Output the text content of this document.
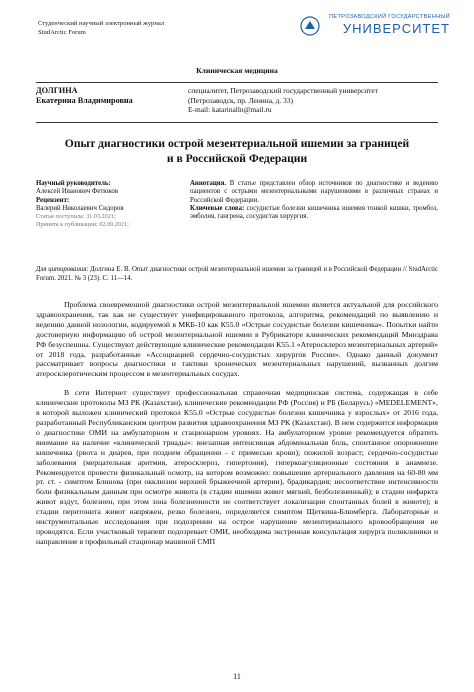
Студенческий научный электронный журнал
StudArctic Forum
ПЕТРОЗАВОДСКИЙ ГОСУДАРСТВЕННЫЙ
УНИВЕРСИТЕТ
Клиническая медицина
ДОЛГИНА
Екатерина Владимировна
специалитет, Петрозаводский государственный университет
(Петрозаводск, пр. Ленина, д. 33)
E-mail: katarinalln@mail.ru
Опыт диагностики острой мезентериальной ишемии за границей
и в Российской Федерации
Научный руководитель:
Алексей Иванович Фетюков
Рецензент:
Валерий Николаевич Сидоров
Статья поступила: 31.03.2021;
Принята к публикации: 02.09.2021;
Аннотация. В статье представлен обзор источников по диагностике и ведению пациентов с острыми мезентериальными нарушениями в различных странах и Российской Федерации.
Ключевые слова: сосудистые болезни кишечника ишемия тонкой кишки, тромбоз, эмболия, гангрена, сосудистая хирургия.
Для цитирования: Долгина Е. В. Опыт диагностики острой мезентериальной ишемии за границей и в Российской Федерации // StudArctic Forum. 2021. № 3 (23). С. 11—14.

Проблема своевременной диагностики острой мезентериальной ишемии является актуальной для российского здравоохранения, так как не существует унифицированного протокола, алгоритма, рекомендаций по выявлению и ведению данной нозологии, кодируемой в МКБ-10 как К55.0 «Острые сосудистые болезни кишечника». Попытки найти достоверную информацию об острой мезентериальной ишемии в Рубрикаторе клинических рекомендаций Минздрава РФ безуспешны. Существуют действующие клинические рекомендации К55.1 «Атеросклероз мезентериальных артерий» от 2018 года, разработанные «Ассоциацией сердечно-сосудистых хирургов России». Однако данный документ рассматривает вопросы диагностики и тактики хронических мезентериальных нарушений, вызванных долгим атеросклеротическим процессом в мезентериальных сосудах.

В сети Интернет существует профессиональная справочная медицинская система, содержащая в себе клинические протоколы МЗ РК (Казахстан), клинические рекомендации РФ (Россия) и РБ (Беларусь) «MEDELEMENT», в которой выложен клинический протокол К55.0 «Острые сосудистые болезни кишечника у взрослых» от 2016 года, разработанный Республиканским центром развития здравоохранения МЗ РК (Казахстан). В нем содержится информация о диагностике ОМИ на амбулаторном и стационарном уровнях. На амбулаторном уровне рекомендуется обратить внимание на наличие «клинической триады»: внезапная интенсивная абдоминальная боль, спонтанное опорожнение кишечника (рвота и диарея, при позднем обращении - с примесью крови); пожилой возраст; сердечно-сосудистые заболевания (мерцательная аритмия, атеросклероз, гипертония), гиперкоагуляционные состояния в анамнезе. Рекомендуется провести физикальный осмотр, на котором возможно: повышение артериального давления на 60-80 мм рт. ст. - симптом Блинова (при окклюзии верхней брыжеечной артерии), брадикардия; несоответствие интенсивности боли физикальным данным при осмотре живота (в стадии ишемии живот мягкий, безболезненный); в стадии инфаркта живот вздут, болезнен, при этом зона болезненности не соответствует локализации спонтанных болей в животе); в стадии перитонита живот напряжен, резко болезнен, определяется симптом Щеткина-Блюмберга. Лабораторные и инструментальные исследования при подозрении на острое нарушение мезентериального кровообращения не проводятся. Если участковый терапевт подозревает ОМИ, необходима экстренная консультация хирурга поликлиники и направление в профильный стационар машиной СМП

11
